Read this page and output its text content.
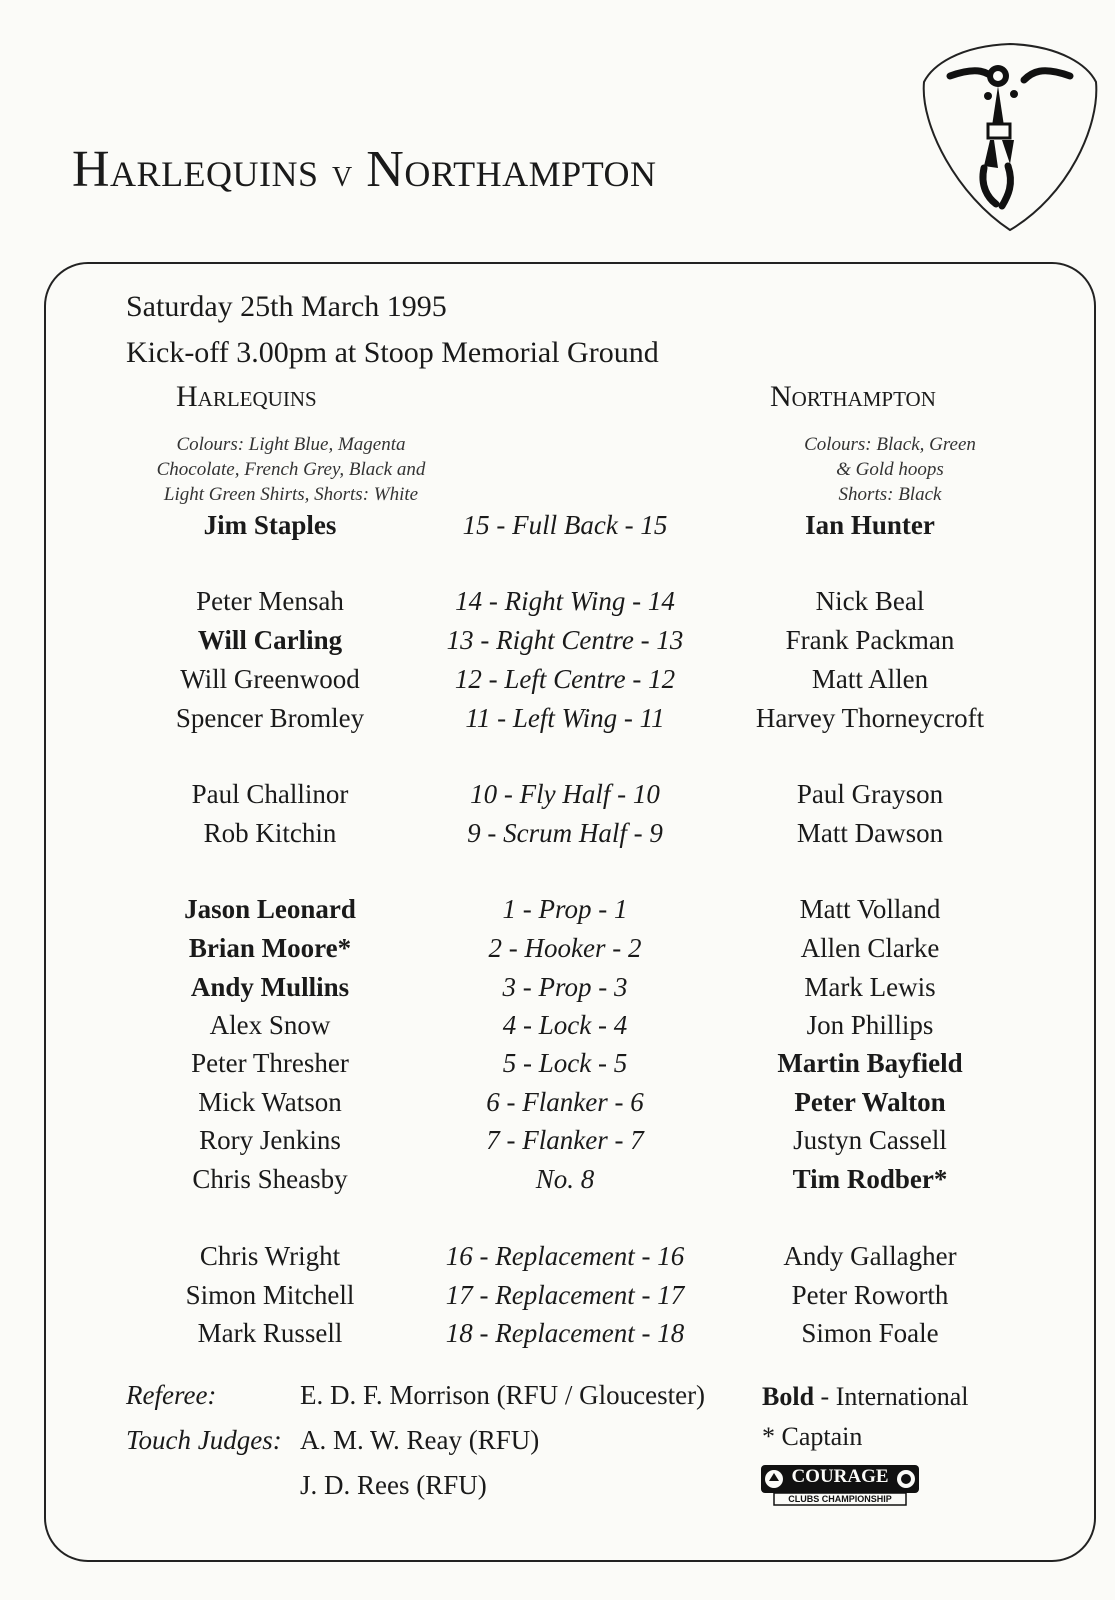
Harlequins v Northampton
Saturday 25th March 1995
Kick-off 3.00pm at Stoop Memorial Ground
Harlequins	Northampton
Colours: Light Blue, Magenta
Chocolate, French Grey, Black and
Light Green Shirts, Shorts: White
Colours: Black, Green
& Gold hoops
Shorts: Black
Jim Staples	15 - Full Back - 15	Ian Hunter
Peter Mensah	14 - Right Wing - 14	Nick Beal
Will Carling	13 - Right Centre - 13	Frank Packman
Will Greenwood	12 - Left Centre - 12	Matt Allen
Spencer Bromley	11 - Left Wing - 11	Harvey Thorneycroft
Paul Challinor	10 - Fly Half - 10	Paul Grayson
Rob Kitchin	9 - Scrum Half - 9	Matt Dawson
Jason Leonard	1 - Prop - 1	Matt Volland
Brian Moore*	2 - Hooker - 2	Allen Clarke
Andy Mullins	3 - Prop - 3	Mark Lewis
Alex Snow	4 - Lock - 4	Jon Phillips
Peter Thresher	5 - Lock - 5	Martin Bayfield
Mick Watson	6 - Flanker - 6	Peter Walton
Rory Jenkins	7 - Flanker - 7	Justyn Cassell
Chris Sheasby	No. 8	Tim Rodber*
Chris Wright	16 - Replacement - 16	Andy Gallagher
Simon Mitchell	17 - Replacement - 17	Peter Roworth
Mark Russell	18 - Replacement - 18	Simon Foale
Referee:	E. D. F. Morrison (RFU / Gloucester)
Touch Judges: A. M. W. Reay (RFU)
J. D. Rees (RFU)
Bold - International
* Captain
COURAGE
CLUBS CHAMPIONSHIP
